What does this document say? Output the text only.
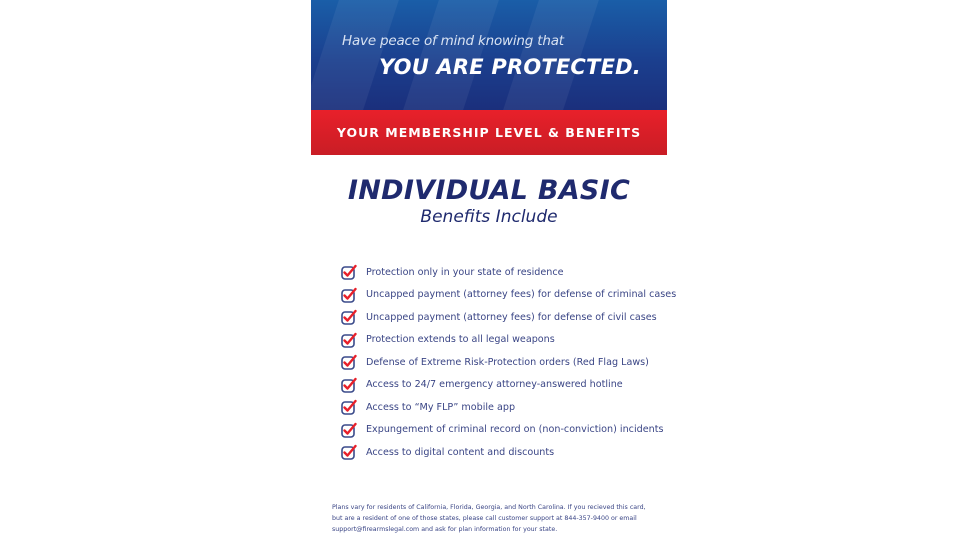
Have peace of mind knowing that
YOU ARE PROTECTED.
YOUR MEMBERSHIP LEVEL & BENEFITS
INDIVIDUAL BASIC
Benefits Include
Protection only in your state of residence
Uncapped payment (attorney fees) for defense of criminal cases
Uncapped payment (attorney fees) for defense of civil cases
Protection extends to all legal weapons
Defense of Extreme Risk-Protection orders (Red Flag Laws)
Access to 24/7 emergency attorney-answered hotline
Access to “My FLP” mobile app
Expungement of criminal record on (non-conviction) incidents
Access to digital content and discounts
Plans vary for residents of California, Florida, Georgia, and North Carolina. If you recieved this card, but are a resident of one of those states, please call customer support at 844-357-9400 or email support@firearmslegal.com and ask for plan information for your state.
